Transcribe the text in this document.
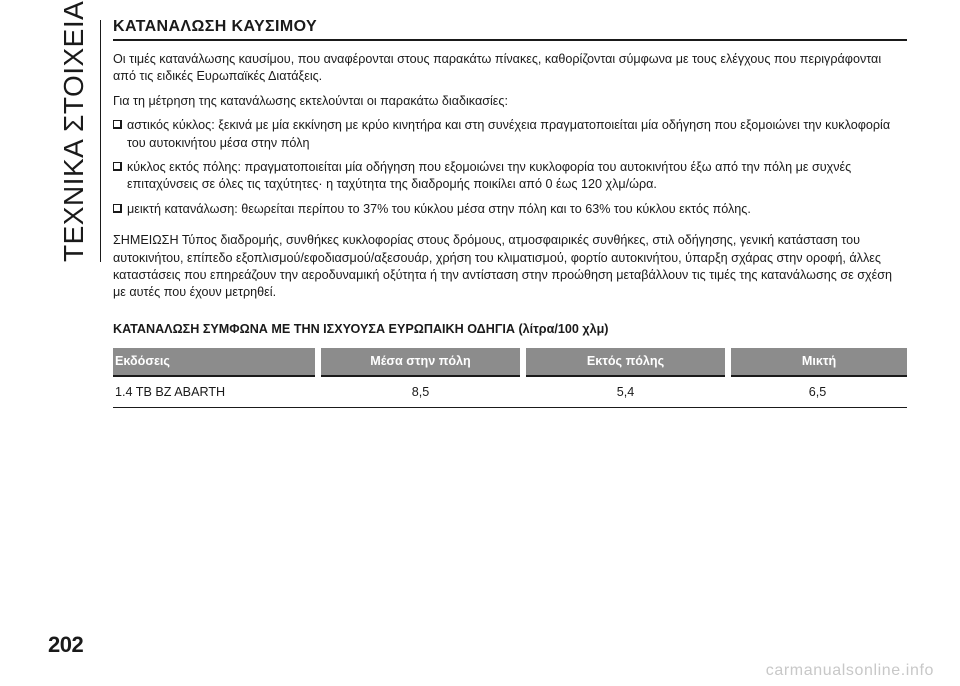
ΤΕΧΝΙΚΑ ΣΤΟΙΧΕΙΑ	ΚΑΤΑΝΑΛΩΣΗ ΚΑΥΣΙΜΟΥ

Οι τιμές κατανάλωσης καυσίμου, που αναφέρονται στους παρακάτω πίνακες, καθορίζονται σύμφωνα με τους ελέγχους που περιγράφονται από τις ειδικές Ευρωπαϊκές Διατάξεις.

Για τη μέτρηση της κατανάλωσης εκτελούνται οι παρακάτω διαδικασίες:

αστικός κύκλος: ξεκινά με μία εκκίνηση με κρύο κινητήρα και στη συνέχεια πραγματοποιείται μία οδήγηση που εξομοιώνει την κυκλοφορία του αυτοκινήτου μέσα στην πόλη

κύκλος εκτός πόλης: πραγματοποιείται μία οδήγηση που εξομοιώνει την κυκλοφορία του αυτοκινήτου έξω από την πόλη με συχνές επιταχύνσεις σε όλες τις ταχύτητες· η ταχύτητα της διαδρομής ποικίλει από 0 έως 120 χλμ/ώρα.

μεικτή κατανάλωση: θεωρείται περίπου το 37% του κύκλου μέσα στην πόλη και το 63% του κύκλου εκτός πόλης.

ΣΗΜΕΙΩΣΗ Τύπος διαδρομής, συνθήκες κυκλοφορίας στους δρόμους, ατμοσφαιρικές συνθήκες, στιλ οδήγησης, γενική κατάσταση του αυτοκινήτου, επίπεδο εξοπλισμού/εφοδιασμού/αξεσουάρ, χρήση του κλιματισμού, φορτίο αυτοκινήτου, ύπαρξη σχάρας στην οροφή, άλλες καταστάσεις που επηρεάζουν την αεροδυναμική οξύτητα ή την αντίσταση στην προώθηση μεταβάλλουν τις τιμές της κατανάλωσης σε σχέση με αυτές που έχουν μετρηθεί.

ΚΑΤΑΝΑΛΩΣΗ ΣΥΜΦΩΝΑ ΜΕ ΤΗΝ ΙΣΧΥΟΥΣΑ ΕΥΡΩΠΑΙΚΗ ΟΔΗΓΙΑ (λίτρα/100 χλμ)
Εκδόσεις	Μέσα στην πόλη	Εκτός πόλης	Μικτή
1.4 TB BZ ABARTH	8,5	5,4	6,5
202
carmanualsonline.info
